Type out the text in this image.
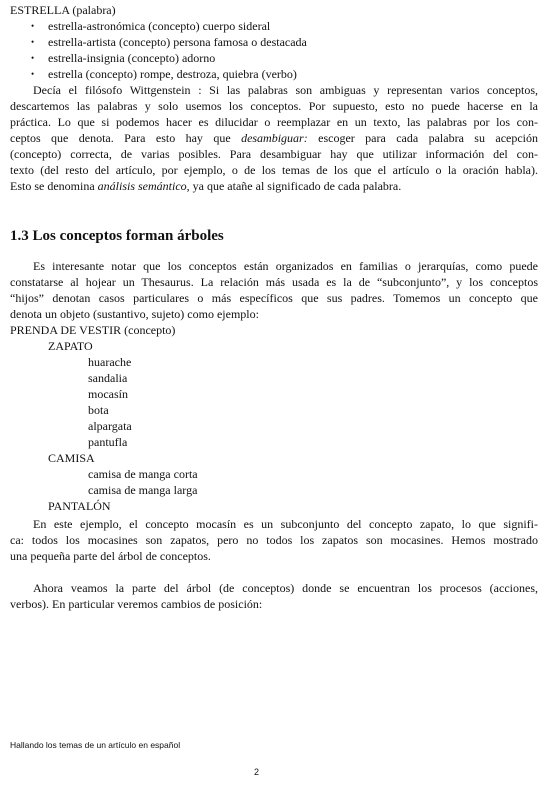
ESTRELLA (palabra)
• estrella-astronómica (concepto) cuerpo sideral
• estrella-artista (concepto) persona famosa o destacada
• estrella-insignia (concepto) adorno
• estrella (concepto) rompe, destroza, quiebra (verbo)
Decía el filósofo Wittgenstein : Si las palabras son ambiguas y representan varios conceptos,
descartemos las palabras y solo usemos los conceptos. Por supuesto, esto no puede hacerse en la
práctica. Lo que si podemos hacer es dilucidar o reemplazar en un texto, las palabras por los con-
ceptos que denota. Para esto hay que desambiguar: escoger para cada palabra su acepción
(concepto) correcta, de varias posibles. Para desambiguar hay que utilizar información del con-
texto (del resto del artículo, por ejemplo, o de los temas de los que el artículo o la oración habla).
Esto se denomina análisis semántico, ya que atañe al significado de cada palabra.
1.3 Los conceptos forman árboles
Es interesante notar que los conceptos están organizados en familias o jerarquías, como puede
constatarse al hojear un Thesaurus. La relación más usada es la de “subconjunto”, y los conceptos
“hijos” denotan casos particulares o más específicos que sus padres. Tomemos un concepto que
denota un objeto (sustantivo, sujeto) como ejemplo:
PRENDA DE VESTIR (concepto)
ZAPATO
huarache
sandalia
mocasín
bota
alpargata
pantufla
CAMISA
camisa de manga corta
camisa de manga larga
PANTALÓN
En este ejemplo, el concepto mocasín es un subconjunto del concepto zapato, lo que signifi-
ca: todos los mocasines son zapatos, pero no todos los zapatos son mocasines. Hemos mostrado
una pequeña parte del árbol de conceptos.
Ahora veamos la parte del árbol (de conceptos) donde se encuentran los procesos (acciones,
verbos). En particular veremos cambios de posición:
Hallando los temas de un artículo en español
2
